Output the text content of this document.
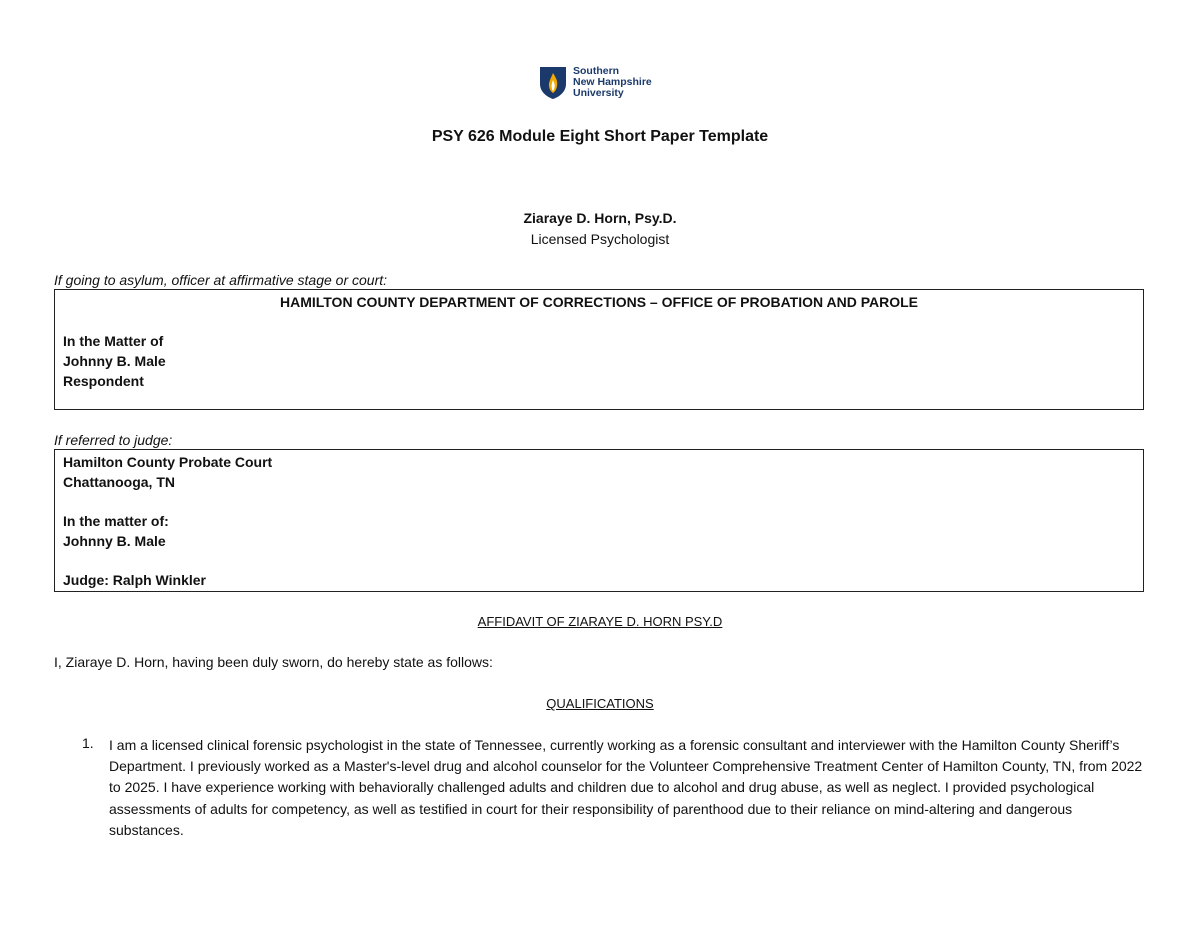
Southern
New Hampshire
University
PSY 626 Module Eight Short Paper Template
Ziaraye D. Horn, Psy.D.
Licensed Psychologist
If going to asylum, officer at affirmative stage or court:
HAMILTON COUNTY DEPARTMENT OF CORRECTIONS – OFFICE OF PROBATION AND PAROLE
In the Matter of
Johnny B. Male
Respondent
If referred to judge:
Hamilton County Probate Court
Chattanooga, TN
In the matter of:
Johnny B. Male
Judge: Ralph Winkler
AFFIDAVIT OF ZIARAYE D. HORN PSY.D
I, Ziaraye D. Horn, having been duly sworn, do hereby state as follows:
QUALIFICATIONS
1. I am a licensed clinical forensic psychologist in the state of Tennessee, currently working as a forensic consultant and interviewer with the Hamilton County Sheriff’s Department. I previously worked as a Master's-level drug and alcohol counselor for the Volunteer Comprehensive Treatment Center of Hamilton County, TN, from 2022 to 2025. I have experience working with behaviorally challenged adults and children due to alcohol and drug abuse, as well as neglect. I provided psychological assessments of adults for competency, as well as testified in court for their responsibility of parenthood due to their reliance on mind-altering and dangerous substances.
